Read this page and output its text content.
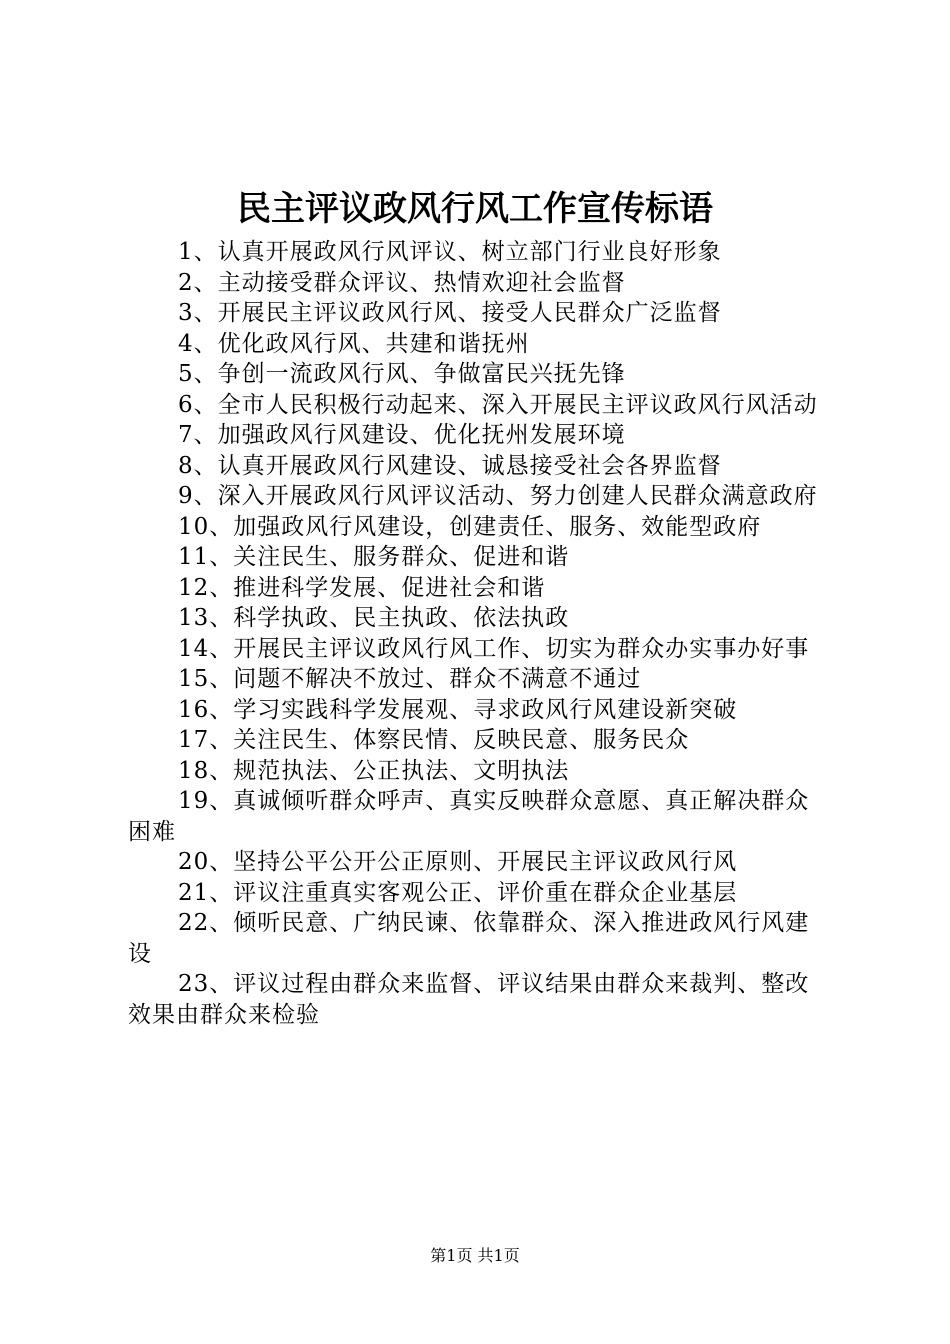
民主评议政风行风工作宣传标语

1、认真开展政风行风评议、树立部门行业良好形象

2、主动接受群众评议、热情欢迎社会监督

3、开展民主评议政风行风、接受人民群众广泛监督

4、优化政风行风、共建和谐抚州

5、争创一流政风行风、争做富民兴抚先锋

6、全市人民积极行动起来、深入开展民主评议政风行风活动

7、加强政风行风建设、优化抚州发展环境

8、认真开展政风行风建设、诚恳接受社会各界监督

9、深入开展政风行风评议活动、努力创建人民群众满意政府

10、加强政风行风建设，创建责任、服务、效能型政府

11、关注民生、服务群众、促进和谐

12、推进科学发展、促进社会和谐

13、科学执政、民主执政、依法执政

14、开展民主评议政风行风工作、切实为群众办实事办好事

15、问题不解决不放过、群众不满意不通过

16、学习实践科学发展观、寻求政风行风建设新突破

17、关注民生、体察民情、反映民意、服务民众

18、规范执法、公正执法、文明执法

19、真诚倾听群众呼声、真实反映群众意愿、真正解决群众困难

20、坚持公平公开公正原则、开展民主评议政风行风

21、评议注重真实客观公正、评价重在群众企业基层

22、倾听民意、广纳民谏、依靠群众、深入推进政风行风建设

23、评议过程由群众来监督、评议结果由群众来裁判、整改效果由群众来检验

第1页 共1页
